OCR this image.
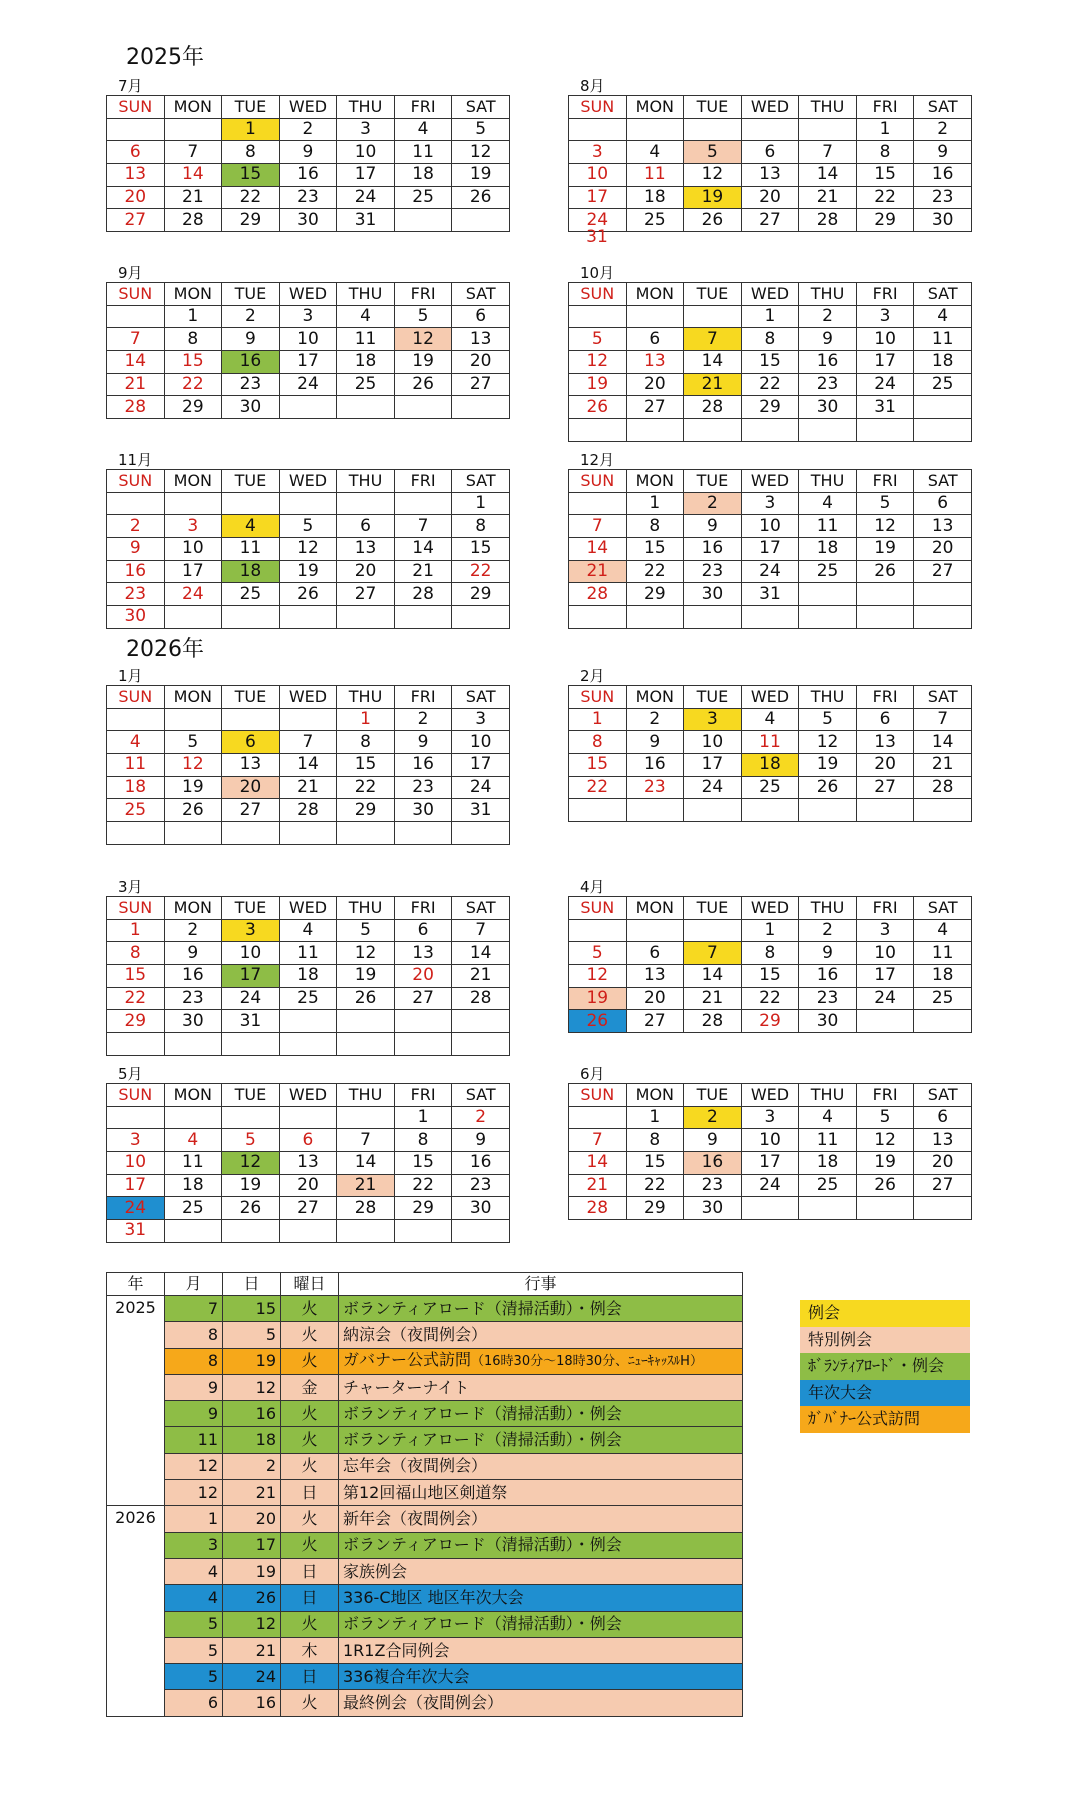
2025年
2026年
7月
SUN	MON	TUE	WED	THU	FRI	SAT
		1	2	3	4	5
6	7	8	9	10	11	12
13	14	15	16	17	18	19
20	21	22	23	24	25	26
27	28	29	30	31		
8月
SUN	MON	TUE	WED	THU	FRI	SAT
					1	2
3	4	5	6	7	8	9
10	11	12	13	14	15	16
17	18	19	20	21	22	23
24	25	26	27	28	29	30
31
9月
SUN	MON	TUE	WED	THU	FRI	SAT
	1	2	3	4	5	6
7	8	9	10	11	12	13
14	15	16	17	18	19	20
21	22	23	24	25	26	27
28	29	30				
10月
SUN	MON	TUE	WED	THU	FRI	SAT
			1	2	3	4
5	6	7	8	9	10	11
12	13	14	15	16	17	18
19	20	21	22	23	24	25
26	27	28	29	30	31	

11月
SUN	MON	TUE	WED	THU	FRI	SAT
						1
2	3	4	5	6	7	8
9	10	11	12	13	14	15
16	17	18	19	20	21	22
23	24	25	26	27	28	29
30						
12月
SUN	MON	TUE	WED	THU	FRI	SAT
	1	2	3	4	5	6
7	8	9	10	11	12	13
14	15	16	17	18	19	20
21	22	23	24	25	26	27
28	29	30	31			

1月
SUN	MON	TUE	WED	THU	FRI	SAT
				1	2	3
4	5	6	7	8	9	10
11	12	13	14	15	16	17
18	19	20	21	22	23	24
25	26	27	28	29	30	31

2月
SUN	MON	TUE	WED	THU	FRI	SAT
1	2	3	4	5	6	7
8	9	10	11	12	13	14
15	16	17	18	19	20	21
22	23	24	25	26	27	28

3月
SUN	MON	TUE	WED	THU	FRI	SAT
1	2	3	4	5	6	7
8	9	10	11	12	13	14
15	16	17	18	19	20	21
22	23	24	25	26	27	28
29	30	31				

4月
SUN	MON	TUE	WED	THU	FRI	SAT
			1	2	3	4
5	6	7	8	9	10	11
12	13	14	15	16	17	18
19	20	21	22	23	24	25
26	27	28	29	30		
5月
SUN	MON	TUE	WED	THU	FRI	SAT
					1	2
3	4	5	6	7	8	9
10	11	12	13	14	15	16
17	18	19	20	21	22	23
24	25	26	27	28	29	30
31						
6月
SUN	MON	TUE	WED	THU	FRI	SAT
	1	2	3	4	5	6
7	8	9	10	11	12	13
14	15	16	17	18	19	20
21	22	23	24	25	26	27
28	29	30				
年	月	日	曜日	行事
2025	7	15	火	ボランティアロード（清掃活動）・例会
	8	5	火	納涼会（夜間例会）
	8	19	火	ガバナー公式訪問（16時30分～18時30分、ﾆｭｰｷｬｯｽﾙH）
	9	12	金	チャーターナイト
	9	16	火	ボランティアロード（清掃活動）・例会
	11	18	火	ボランティアロード（清掃活動）・例会
	12	2	火	忘年会（夜間例会）
	12	21	日	第12回福山地区剣道祭
2026	1	20	火	新年会（夜間例会）
	3	17	火	ボランティアロード（清掃活動）・例会
	4	19	日	家族例会
	4	26	日	336-C地区 地区年次大会
	5	12	火	ボランティアロード（清掃活動）・例会
	5	21	木	1R1Z合同例会
	5	24	日	336複合年次大会
	6	16	火	最終例会（夜間例会）
例会
特別例会
ﾎﾞﾗﾝﾃｨｱﾛｰﾄﾞ・例会
年次大会
ｶﾞﾊﾞﾅｰ公式訪問
